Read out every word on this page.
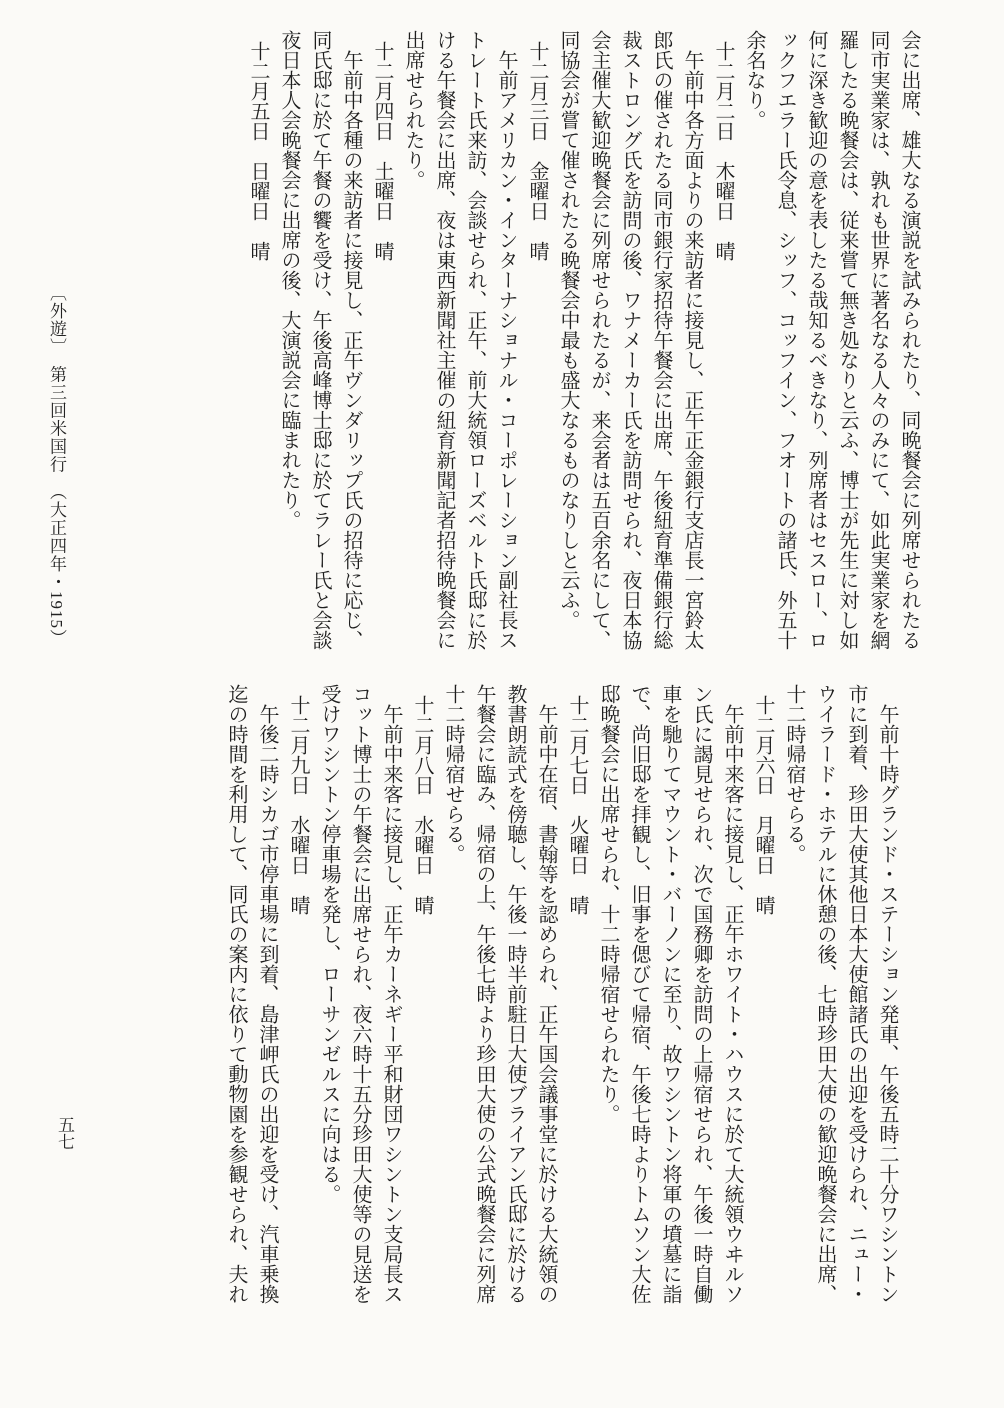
会に出席、雄大なる演説を試みられたり、同晩餐会に列席せられたる同市実業家は、孰れも世界に著名なる人々のみにて、如此実業家を網羅したる晩餐会は、従来嘗て無き処なりと云ふ、博士が先生に対し如何に深き歓迎の意を表したる哉知るべきなり、列席者はセスロー、ロックフエラー氏令息、シッフ、コッフイン、フオートの諸氏、外五十余名なり。

十二月二日　木曜日　晴

午前中各方面よりの来訪者に接見し、正午正金銀行支店長一宮鈴太郎氏の催されたる同市銀行家招待午餐会に出席、午後紐育準備銀行総裁ストロング氏を訪問の後、ワナメーカー氏を訪問せられ、夜日本協会主催大歓迎晩餐会に列席せられたるが、来会者は五百余名にして、同協会が嘗て催されたる晩餐会中最も盛大なるものなりしと云ふ。

十二月三日　金曜日　晴

午前アメリカン・インターナショナル・コーポレーション副社長ストレート氏来訪、会談せられ、正午、前大統領ローズベルト氏邸に於ける午餐会に出席、夜は東西新聞社主催の紐育新聞記者招待晩餐会に出席せられたり。

十二月四日　土曜日　晴

午前中各種の来訪者に接見し、正午ヴンダリップ氏の招待に応じ、同氏邸に於て午餐の饗を受け、午後高峰博士邸に於てラレー氏と会談夜日本人会晩餐会に出席の後、大演説会に臨まれたり。

十二月五日　日曜日　晴

〔外遊〕　第三回米国行　（大正四年・1915）

午前十時グランド・ステーション発車、午後五時二十分ワシントン市に到着、珍田大使其他日本大使館諸氏の出迎を受けられ、ニュー・ウイラード・ホテルに休憩の後、七時珍田大使の歓迎晩餐会に出席、十二時帰宿せらる。

十二月六日　月曜日　晴

午前中来客に接見し、正午ホワイト・ハウスに於て大統領ウヰルソン氏に謁見せられ、次で国務卿を訪問の上帰宿せられ、午後一時自働車を馳りてマウント・バーノンに至り、故ワシントン将軍の墳墓に詣で、尚旧邸を拝観し、旧事を偲びて帰宿、午後七時よりトムソン大佐邸晩餐会に出席せられ、十二時帰宿せられたり。

十二月七日　火曜日　晴

午前中在宿、書翰等を認められ、正午国会議事堂に於ける大統領の教書朗読式を傍聴し、午後一時半前駐日大使ブライアン氏邸に於ける午餐会に臨み、帰宿の上、午後七時より珍田大使の公式晩餐会に列席十二時帰宿せらる。

十二月八日　水曜日　晴

午前中来客に接見し、正午カーネギー平和財団ワシントン支局長スコット博士の午餐会に出席せられ、夜六時十五分珍田大使等の見送を受けワシントン停車場を発し、ローサンゼルスに向はる。

十二月九日　水曜日　晴

午後二時シカゴ市停車場に到着、島津岬氏の出迎を受け、汽車乗換迄の時間を利用して、同氏の案内に依りて動物園を参観せられ、夫れ

五七
